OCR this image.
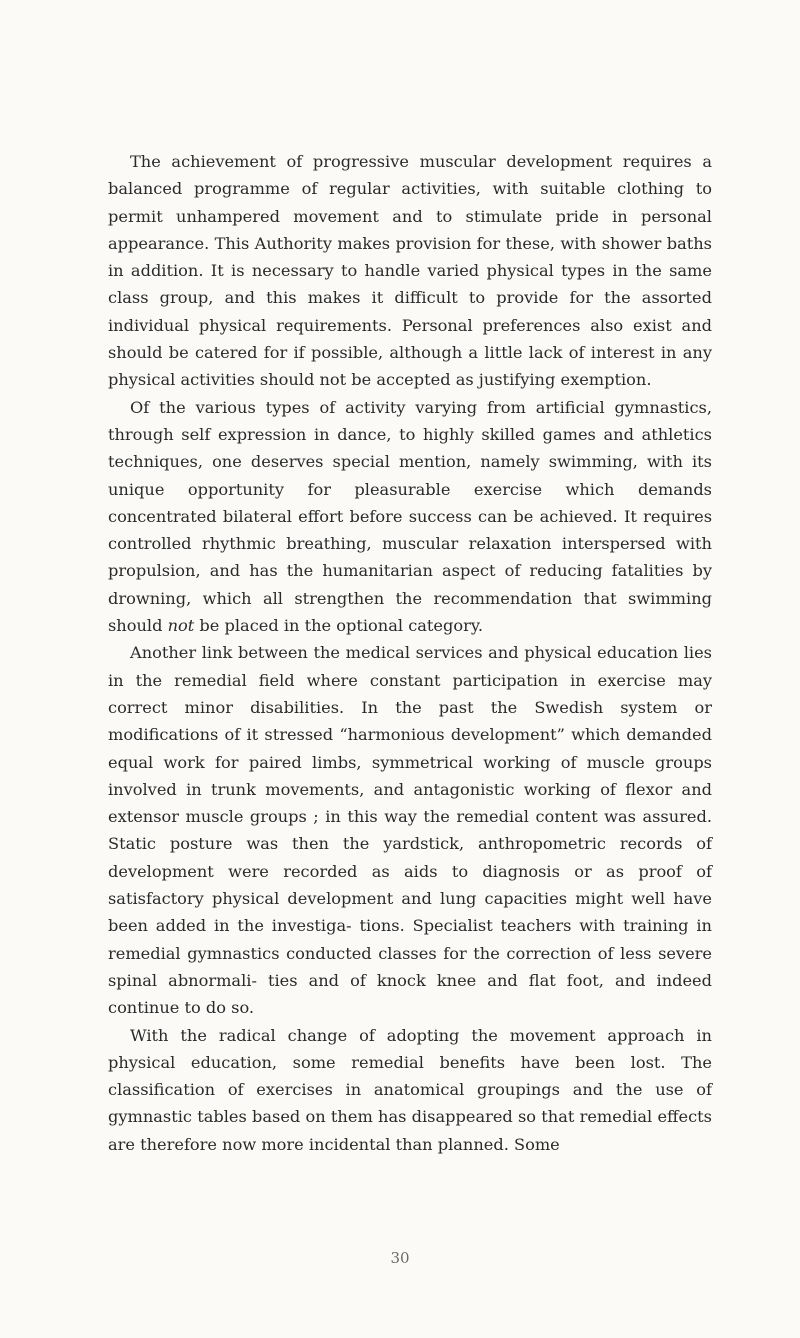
The achievement of progressive muscular development requires a balanced programme of regular activities, with suitable clothing to permit unhampered movement and to stimulate pride in personal appearance. This Authority makes provision for these, with shower baths in addition. It is necessary to handle varied physical types in the same class group, and this makes it difficult to provide for the assorted individual physical requirements. Personal preferences also exist and should be catered for if possible, although a little lack of interest in any physical activities should not be accepted as justifying exemption.

Of the various types of activity varying from artificial gymnastics, through self expression in dance, to highly skilled games and athletics techniques, one deserves special mention, namely swimming, with its unique opportunity for pleasurable exercise which demands concentrated bilateral effort before success can be achieved. It requires controlled rhythmic breathing, muscular relaxation interspersed with propulsion, and has the humanitarian aspect of reducing fatalities by drowning, which all strengthen the recommendation that swimming should not be placed in the optional category.

Another link between the medical services and physical education lies in the remedial field where constant participation in exercise may correct minor disabilities. In the past the Swedish system or modifications of it stressed “harmonious development” which demanded equal work for paired limbs, symmetrical working of muscle groups involved in trunk movements, and antagonistic working of flexor and extensor muscle groups ; in this way the remedial content was assured. Static posture was then the yardstick, anthropometric records of development were recorded as aids to diagnosis or as proof of satisfactory physical development and lung capacities might well have been added in the investiga- tions. Specialist teachers with training in remedial gymnastics conducted classes for the correction of less severe spinal abnormali- ties and of knock knee and flat foot, and indeed continue to do so.

With the radical change of adopting the movement approach in physical education, some remedial benefits have been lost. The classification of exercises in anatomical groupings and the use of gymnastic tables based on them has disappeared so that remedial effects are therefore now more incidental than planned. Some

30
